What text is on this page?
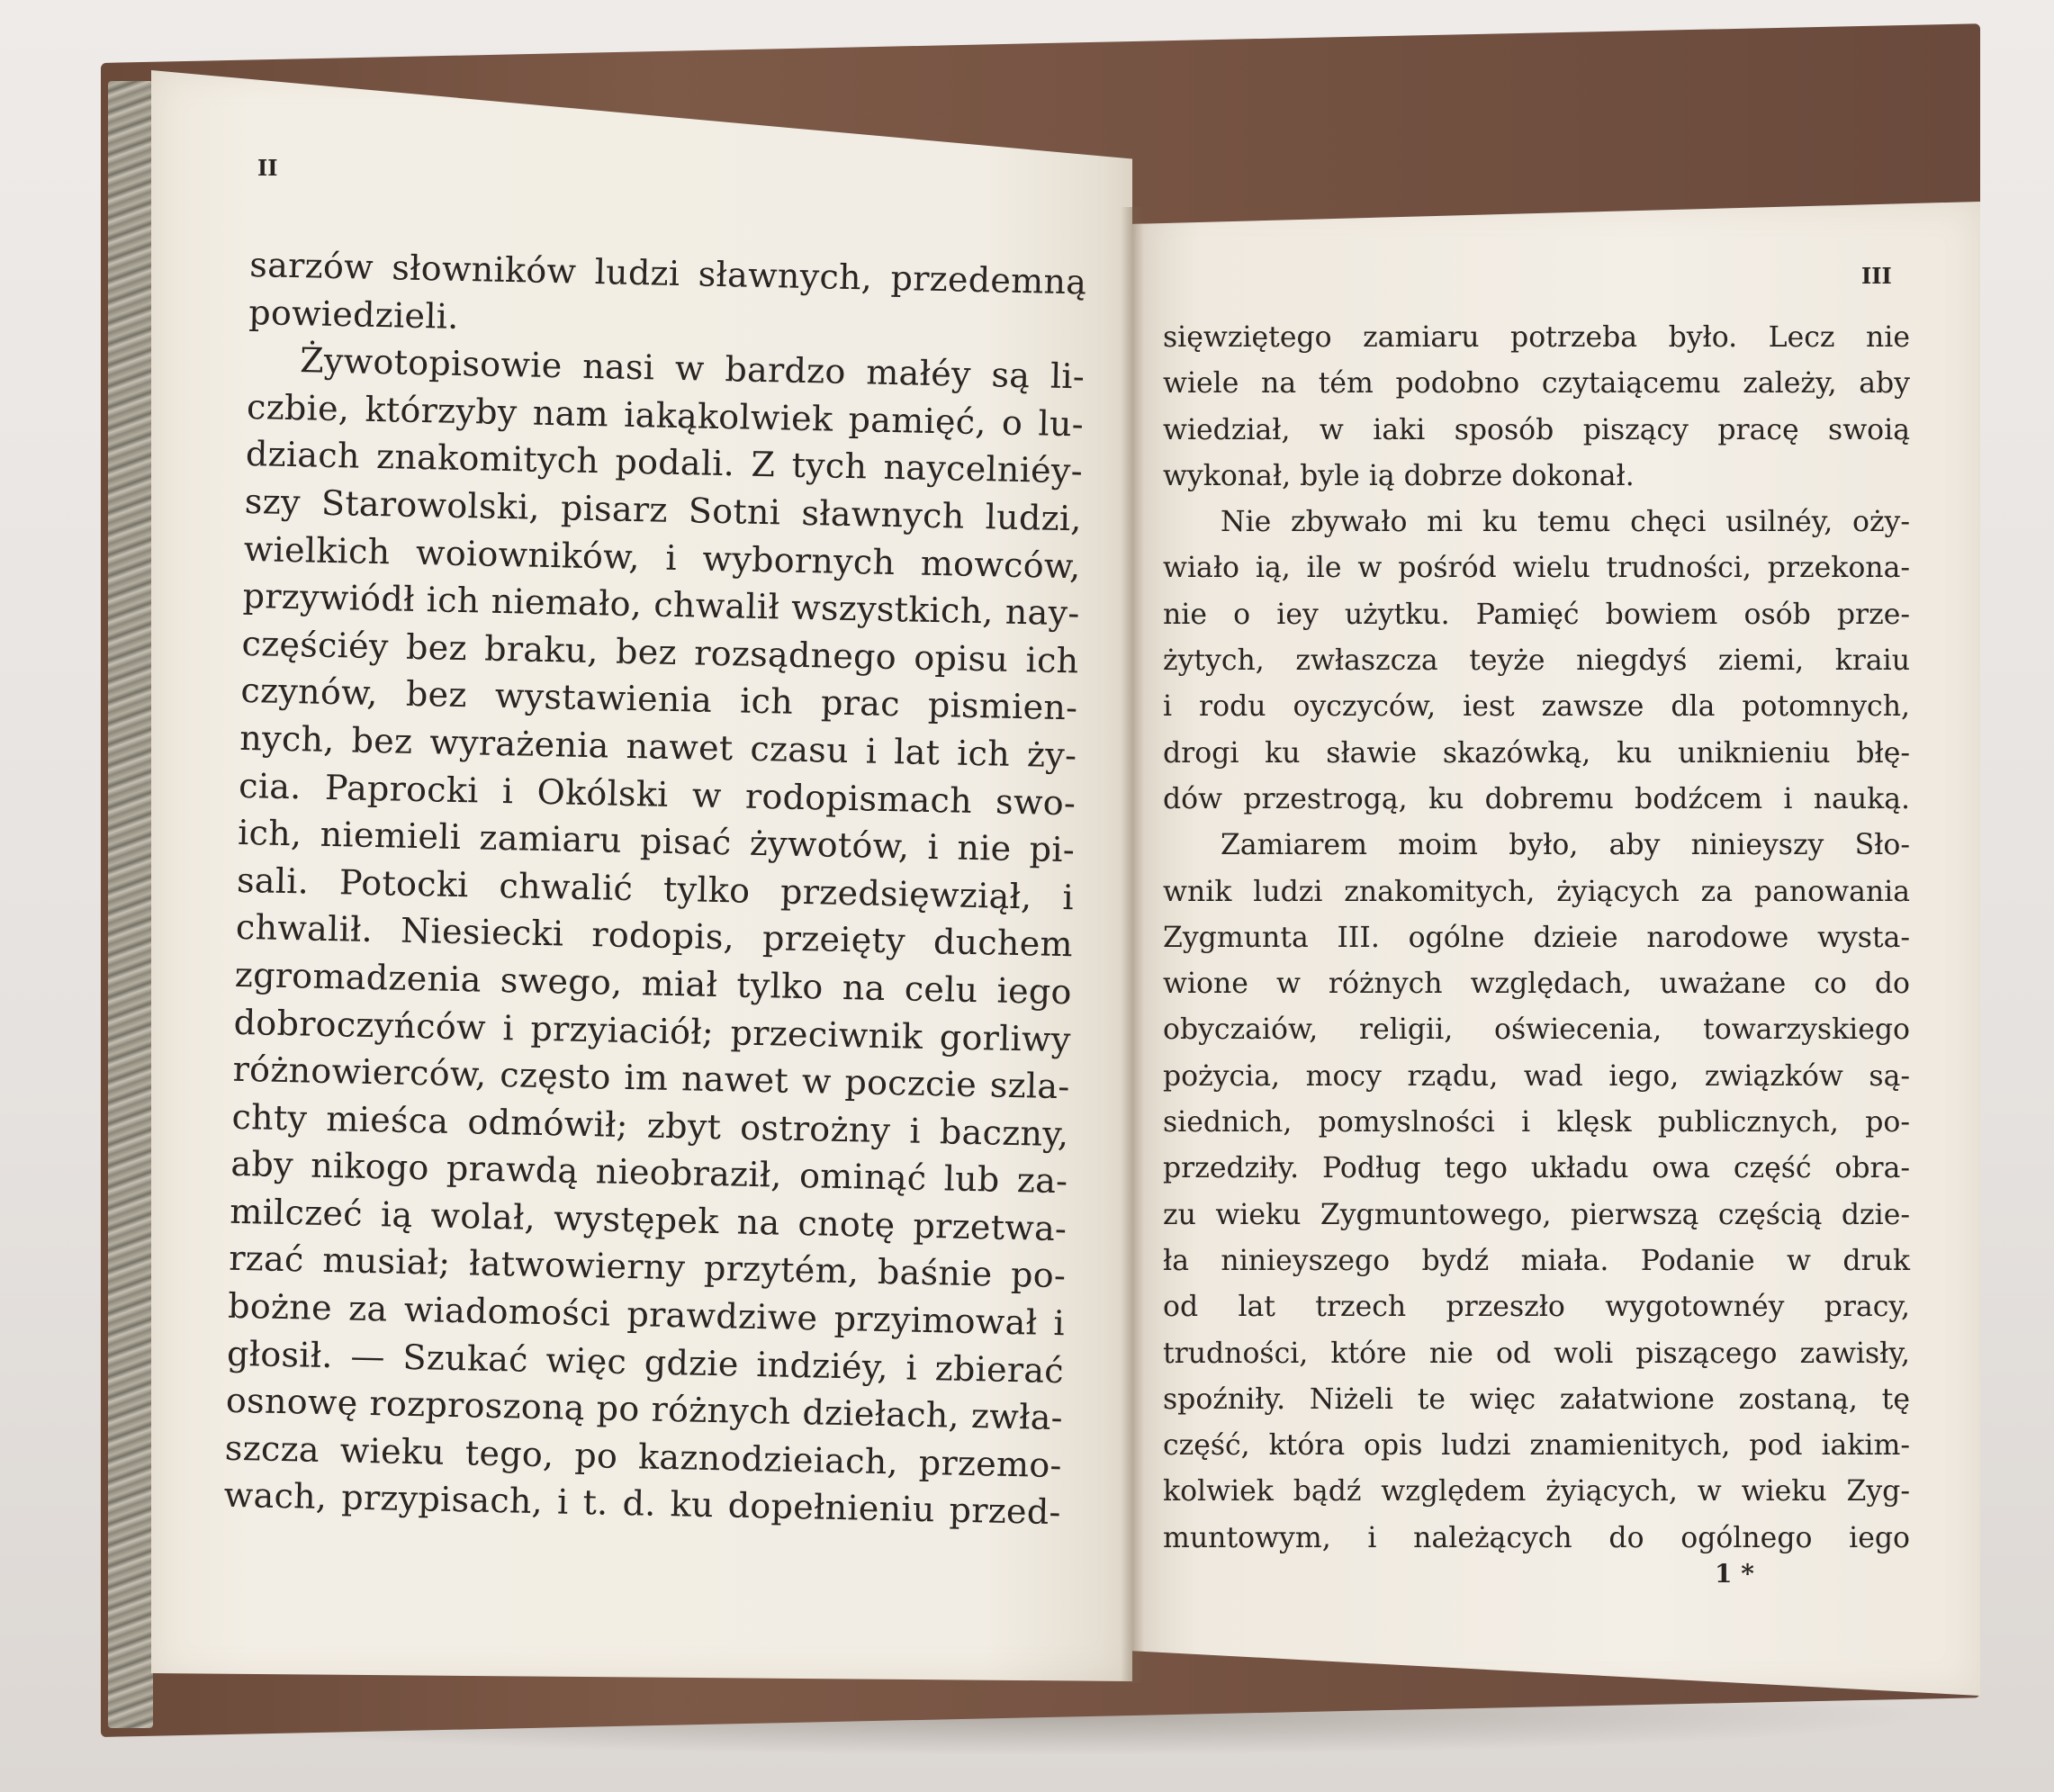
II
III
sarzów słowników ludzi sławnych, przedemną
powiedzieli.
Żywotopisowie nasi w bardzo małéy są li-
czbie, którzyby nam iakąkolwiek pamięć, o lu-
dziach znakomitych podali. Z tych naycelniéy-
szy Starowolski, pisarz Sotni sławnych ludzi,
wielkich woiowników, i wybornych mowców,
przywiódł ich niemało, chwalił wszystkich, nay-
częściéy bez braku, bez rozsądnego opisu ich
czynów, bez wystawienia ich prac pismien-
nych, bez wyrażenia nawet czasu i lat ich ży-
cia. Paprocki i Okólski w rodopismach swo-
ich, niemieli zamiaru pisać żywotów, i nie pi-
sali. Potocki chwalić tylko przedsięwziął, i
chwalił. Niesiecki rodopis, przeięty duchem
zgromadzenia swego, miał tylko na celu iego
dobroczyńców i przyiaciół; przeciwnik gorliwy
różnowierców, często im nawet w poczcie szla-
chty mieśca odmówił; zbyt ostrożny i baczny,
aby nikogo prawdą nieobraził, ominąć lub za-
milczeć ią wolał, występek na cnotę przetwa-
rzać musiał; łatwowierny przytém, baśnie po-
bożne za wiadomości prawdziwe przyimował i
głosił. — Szukać więc gdzie indziéy, i zbierać
osnowę rozproszoną po różnych dziełach, zwła-
szcza wieku tego, po kaznodzieiach, przemo-
wach, przypisach, i t. d. ku dopełnieniu przed-
sięwziętego zamiaru potrzeba było. Lecz nie
wiele na tém podobno czytaiącemu zależy, aby
wiedział, w iaki sposób piszący pracę swoią
wykonał, byle ią dobrze dokonał.
Nie zbywało mi ku temu chęci usilnéy, oży-
wiało ią, ile w pośród wielu trudności, przekona-
nie o iey użytku. Pamięć bowiem osób prze-
żytych, zwłaszcza teyże niegdyś ziemi, kraiu
i rodu oyczyców, iest zawsze dla potomnych,
drogi ku sławie skazówką, ku uniknieniu błę-
dów przestrogą, ku dobremu bodźcem i nauką.
Zamiarem moim było, aby ninieyszy Sło-
wnik ludzi znakomitych, żyiących za panowania
Zygmunta III. ogólne dzieie narodowe wysta-
wione w różnych względach, uważane co do
obyczaiów, religii, oświecenia, towarzyskiego
pożycia, mocy rządu, wad iego, związków są-
siednich, pomyslności i klęsk publicznych, po-
przedziły. Podług tego układu owa część obra-
zu wieku Zygmuntowego, pierwszą częścią dzie-
ła ninieyszego bydź miała. Podanie w druk
od lat trzech przeszło wygotownéy pracy,
trudności, które nie od woli piszącego zawisły,
spoźniły. Niżeli te więc załatwione zostaną, tę
część, która opis ludzi znamienitych, pod iakim-
kolwiek bądź względem żyiących, w wieku Zyg-
muntowym, i należących do ogólnego iego
1 *
